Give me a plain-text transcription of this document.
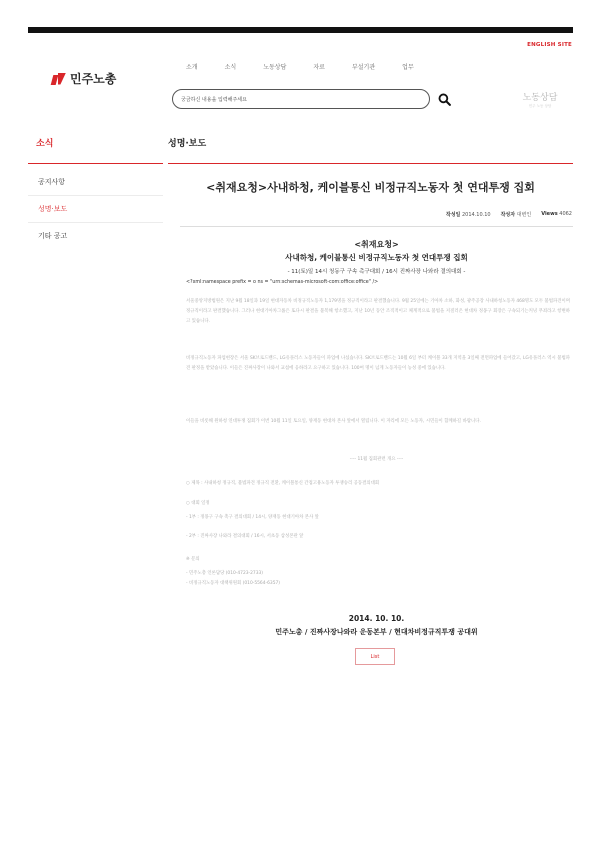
ENGLISH SITE
민주노총
소개	소식	노동상담	자료	부설기관	업무
궁금하신 내용을 입력해주세요
노동상담
민주 노동 상담
소식
공지사항
성명·보도
기타 공고
성명·보도
<취재요청>사내하청, 케이블통신 비정규직노동자 첫 연대투쟁 집회
작성일 2014.10.10 작성자 대변인 Views 4062
<취재요청>
사내하청, 케이블통신 비정규직노동자 첫 연대투쟁 집회
- 11(토)일 14시 청동구 구속 촉구대회 / 16시 진짜사장 나와라 결의대회 -
<?xml:namespace prefix = o ns = "urn:schemas-microsoft-com:office:office" />
서울중앙지방법원은 지난 9월 18일과 19일 현대자동차 비정규직노동자 1,179명을 정규직이라고 판결했습니다. 9월 25일에는 기아차 소하, 화성, 광주공장 사내하청노동자 468명도 모두 불법파견이며 정규직이라고 판결했습니다. 그러나 현대기아차그룹은 또다시 판결을 불복해 항소했고, 지난 10년 동안 조직적이고 체계적으로 불법을 저질러온 현대차 정몽구 회장은 구속되기는커녕 무죄라고 항변하고 있습니다.
비정규직노동자 파업현장은 서울 SK브로드밴드, LG유플러스 노동자들이 파업에 나섰습니다. SK브로드밴드는 10월 6일 부터 케이블 33개 지역을 3일째 전면파업에 들어갔고, LG유플러스 역시 불법파견 판정을 받았습니다. 이들은 진짜사장이 나와서 교섭에 응하라고 요구하고 있습니다. 100여 명이 넘게 노동자들이 농성 중에 있습니다.
이들을 비롯해 원하청 연대투쟁 집회가 이번 10월 11일 토요일, 양재동 현대차 본사 앞에서 열립니다. 이 자리에 모든 노동자, 시민들이 함께하길 바랍니다.
---- 11월 집회관련 개요 ----
○ 제목 : 사내하청 정규직, 불법파견 정규직 전환, 케이블통신 간접고용노동자 투쟁승리 공동결의대회
○ 대회 일정
- 1부 : 정몽구 구속 촉구 결의대회 / 14시, 양재동 현대기아차 본사 앞
- 2부 : 진짜사장 나와라 결의대회 / 16시, 서초동 삼성본관 앞
※ 문의
- 민주노총 언론담당 (010-4723-2733)
- 비정규직노동자 대책위원회 (010-5564-6357)
2014. 10. 10.
민주노총 / 진짜사장나와라 운동본부 / 현대차비정규직투쟁 공대위
List
